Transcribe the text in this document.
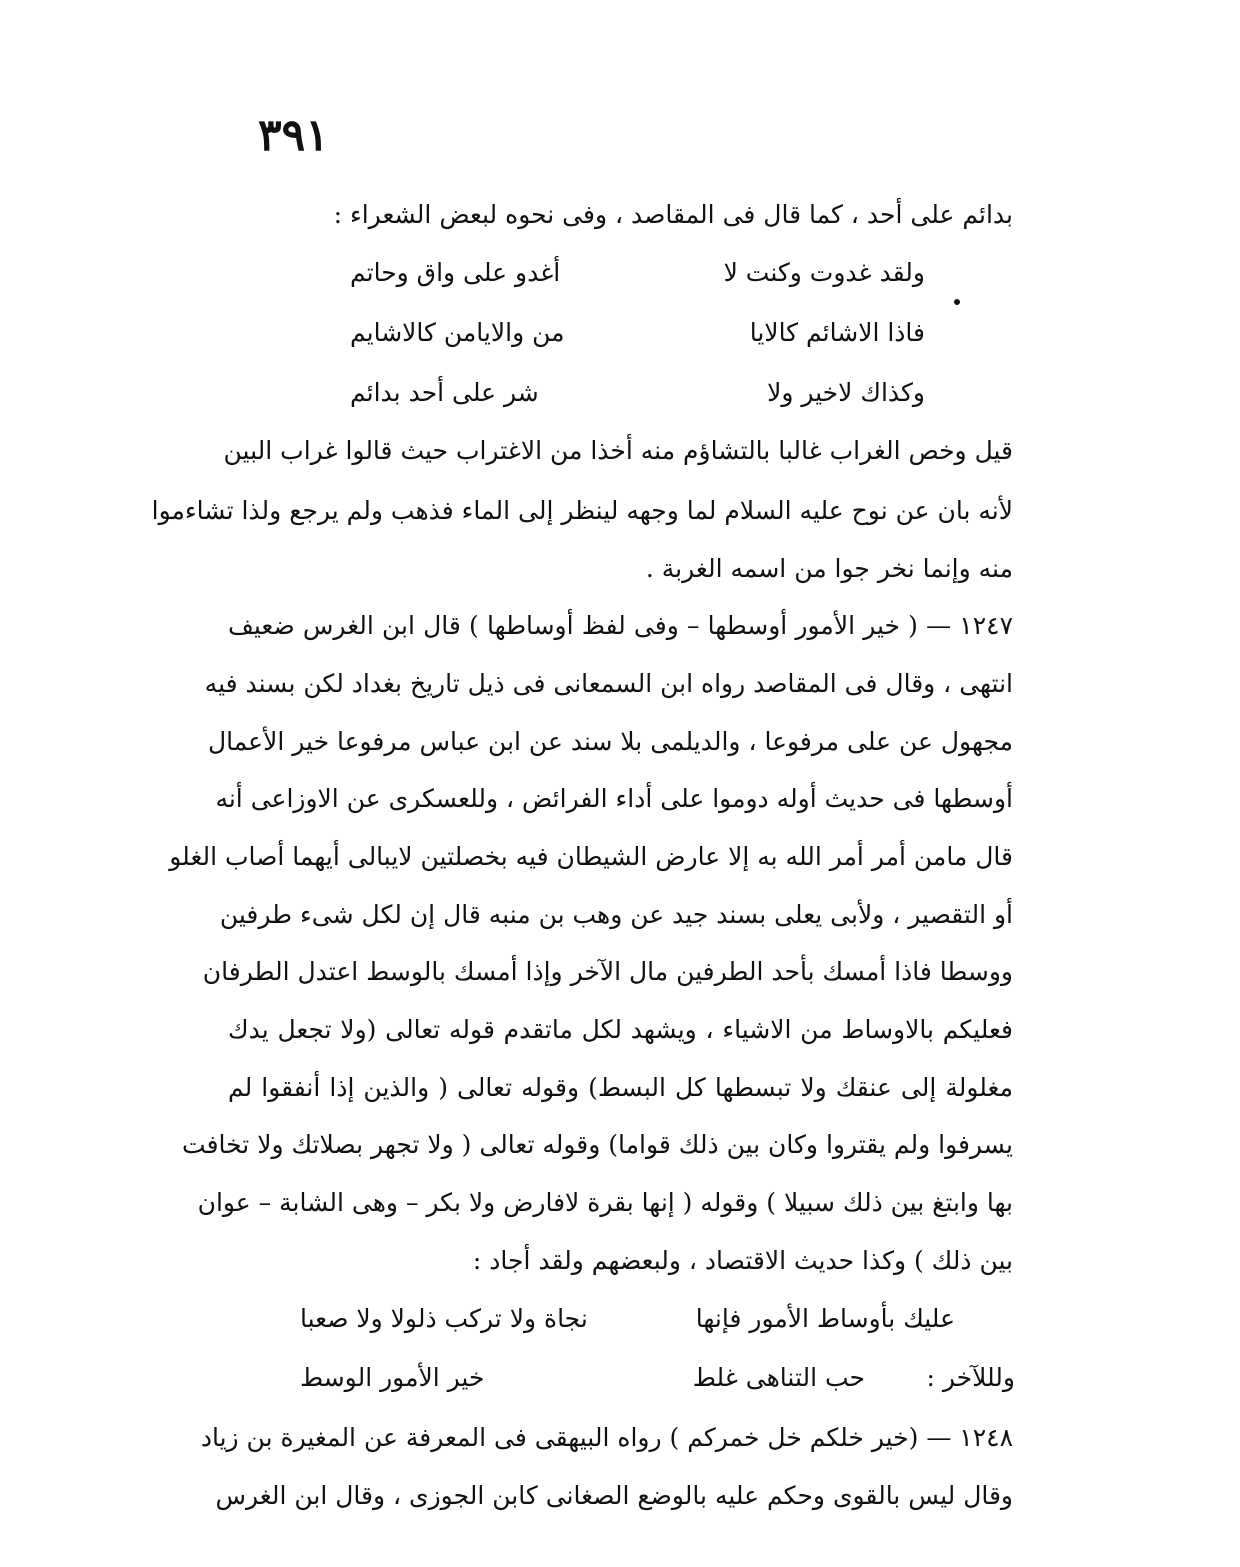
٣٩١
بدائم على أحد ، كما قال فى المقاصد ، وفى نحوه لبعض الشعراء :
ولقد غدوت وكنت لا
أغدو على واق وحاتم
فاذا الاشائم كالايا
من والايامن كالاشايم
وكذاك لاخير ولا
شر على أحد بدائم
قيل وخص الغراب غالبا بالتشاؤم منه أخذا من الاغتراب حيث قالوا غراب البين
لأنه بان عن نوح عليه السلام لما وجهه لينظر إلى الماء فذهب ولم يرجع ولذا تشاءموا
منه وإنما نخر جوا من اسمه الغربة .
١٢٤٧ — ( خير الأمور أوسطها – وفى لفظ أوساطها ) قال ابن الغرس ضعيف
انتهى ، وقال فى المقاصد رواه ابن السمعانى فى ذيل تاريخ بغداد لكن بسند فيه
مجهول عن على مرفوعا ، والديلمى بلا سند عن ابن عباس مرفوعا خير الأعمال
أوسطها فى حديث أوله دوموا على أداء الفرائض ، وللعسكرى عن الاوزاعى أنه
قال مامن أمر أمر الله به إلا عارض الشيطان فيه بخصلتين لايبالى أيهما أصاب الغلو
أو التقصير ، ولأبى يعلى بسند جيد عن وهب بن منبه قال إن لكل شىء طرفين
ووسطا فاذا أمسك بأحد الطرفين مال الآخر وإذا أمسك بالوسط اعتدل الطرفان
فعليكم بالاوساط من الاشياء ، ويشهد لكل ماتقدم قوله تعالى (ولا تجعل يدك
مغلولة إلى عنقك ولا تبسطها كل البسط) وقوله تعالى ( والذين إذا أنفقوا لم
يسرفوا ولم يقتروا وكان بين ذلك قواما) وقوله تعالى ( ولا تجهر بصلاتك ولا تخافت
بها وابتغ بين ذلك سبيلا ) وقوله ( إنها بقرة لافارض ولا بكر – وهى الشابة – عوان
بين ذلك ) وكذا حديث الاقتصاد ، ولبعضهم ولقد أجاد :
عليك بأوساط الأمور فإنها
نجاة ولا تركب ذلولا ولا صعبا
ولللآخر :
حب التناهى غلط
خير الأمور الوسط
١٢٤٨ — (خير خلكم خل خمركم ) رواه البيهقى فى المعرفة عن المغيرة بن زياد
وقال ليس بالقوى وحكم عليه بالوضع الصغانى كابن الجوزى ، وقال ابن الغرس
